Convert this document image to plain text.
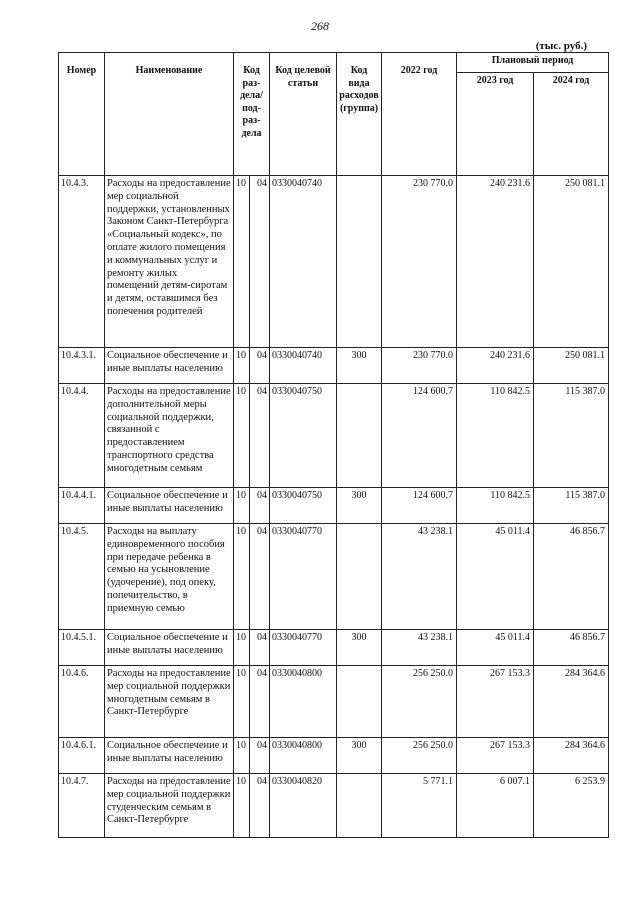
268
(тыс. руб.)
Номер	Наименование	Код раз-дела/ под-раз-дела		Код целевой статьи	Код вида расходов (группа)	2022 год	Плановый период	
							2023 год	2024 год
10.4.3.	Расходы на предоставление мер социальной поддержки, установленных Законом Санкт-Петербурга «Социальный кодекс», по оплате жилого помещения и коммунальных услуг и ремонту жилых помещений детям-сиротам и детям, оставшимся без попечения родителей	10	04	0330040740		230 770.0	240 231.6	250 081.1
10.4.3.1.	Социальное обеспечение и иные выплаты населению	10	04	0330040740	300	230 770.0	240 231.6	250 081.1
10.4.4.	Расходы на предоставление дополнительной меры социальной поддержки, связанной с предоставлением транспортного средства многодетным семьям	10	04	0330040750		124 600.7	110 842.5	115 387.0
10.4.4.1.	Социальное обеспечение и иные выплаты населению	10	04	0330040750	300	124 600.7	110 842.5	115 387.0
10.4.5.	Расходы на выплату единовременного пособия при передаче ребенка в семью на усыновление (удочерение), под опеку, попечительство, в приемную семью	10	04	0330040770		43 238.1	45 011.4	46 856.7
10.4.5.1.	Социальное обеспечение и иные выплаты населению	10	04	0330040770	300	43 238.1	45 011.4	46 856.7
10.4.6.	Расходы на предоставление мер социальной поддержки многодетным семьям в Санкт-Петербурге	10	04	0330040800		256 250.0	267 153.3	284 364.6
10.4.6.1.	Социальное обеспечение и иные выплаты населению	10	04	0330040800	300	256 250.0	267 153.3	284 364.6
10.4.7.	Расходы на предоставление мер социальной поддержки студенческим семьям в Санкт-Петербурге	10	04	0330040820		5 771.1	6 007.1	6 253.9
